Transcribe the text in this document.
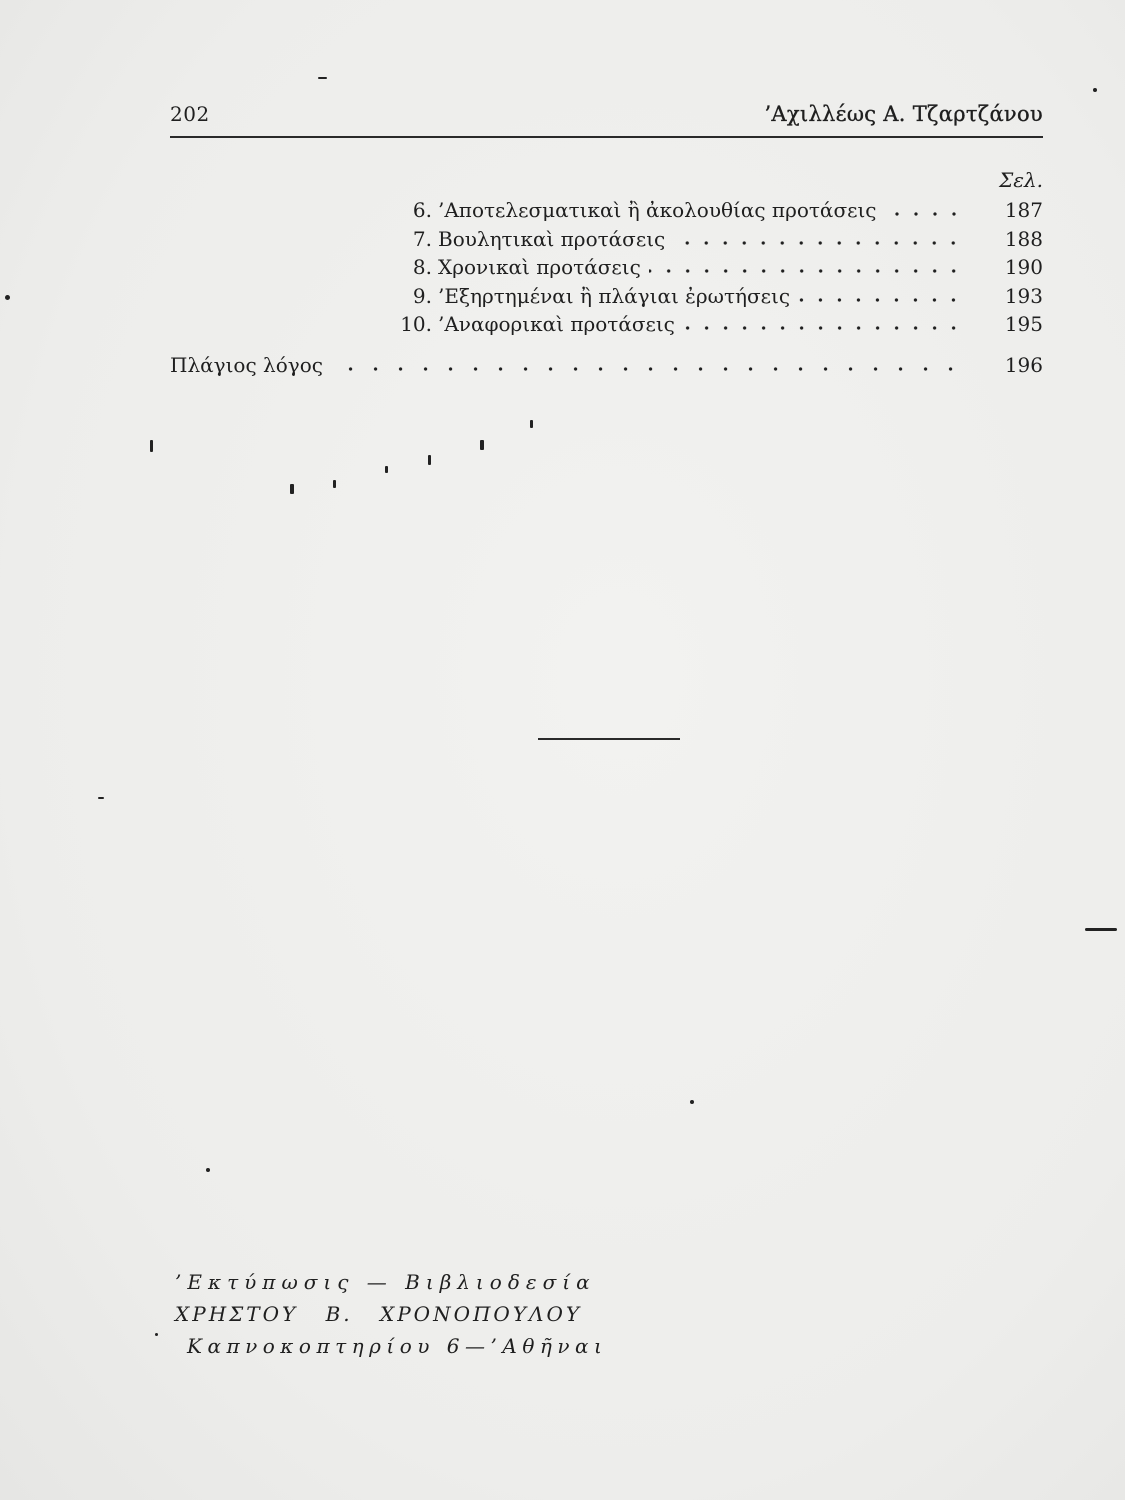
202	’Αχιλλέως Α. Τζαρτζάνου
Σελ.
6. ’Αποτελεσματικαὶ ἢ ἀκολουθίας προτάσεις	187
7. Βουλητικαὶ προτάσεις	188
8. Χρονικαὶ προτάσεις	190
9. ’Εξηρτημέναι ἢ πλάγιαι ἐρωτήσεις	193
10. ’Αναφορικαὶ προτάσεις	195
Πλάγιος λόγος	196
’Εκτύπωσις — Βιβλιοδεσία
ΧΡΗΣΤΟΥ Β. ΧΡΟΝΟΠΟΥΛΟΥ
Καπνοκοπτηρίου 6—’Αθῆναι
